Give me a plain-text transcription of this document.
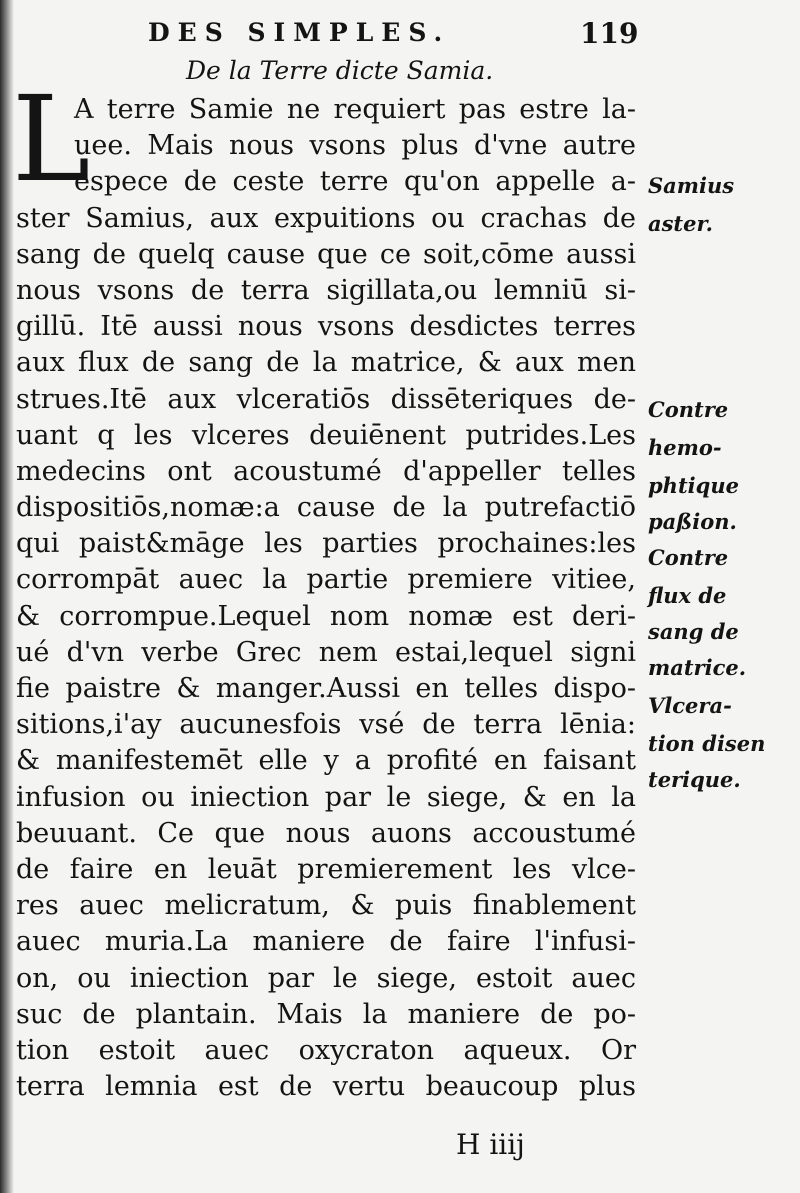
DES SIMPLES.	119
De la Terre dicte Samia.
L
A terre Samie ne requiert pas estre la-
uee. Mais nous vsons plus d'vne autre
espece de ceste terre qu'on appelle a-
ster Samius, aux expuitions ou crachas de
sang de quelq cause que ce soit,cōme aussi
nous vsons de terra sigillata,ou lemniū si-
gillū. Itē aussi nous vsons desdictes terres
aux flux de sang de la matrice, & aux men
strues.Itē aux vlceratiōs dissēteriques de-
uant q les vlceres deuiēnent putrides.Les
medecins ont acoustumé d'appeller telles
dispositiōs,nomæ:a cause de la putrefactiō
qui paist&māge les parties prochaines:les
corrompāt auec la partie premiere vitiee,
& corrompue.Lequel nom nomæ est deri-
ué d'vn verbe Grec nem estai,lequel signi
fie paistre & manger.Aussi en telles dispo-
sitions,i'ay aucunesfois vsé de terra lēnia:
& manifestemēt elle y a profité en faisant
infusion ou iniection par le siege, & en la
beuuant. Ce que nous auons accoustumé
de faire en leuāt premierement les vlce-
res auec melicratum, & puis finablement
auec muria.La maniere de faire l'infusi-
on, ou iniection par le siege, estoit auec
suc de plantain. Mais la maniere de po-
tion estoit auec oxycraton aqueux. Or
terra lemnia est de vertu beaucoup plus
Samius
aster.
Contre
hemo-
phtique
paßion.
Contre
flux de
sang de
matrice.
Vlcera-
tion disen
terique.
H iiij
